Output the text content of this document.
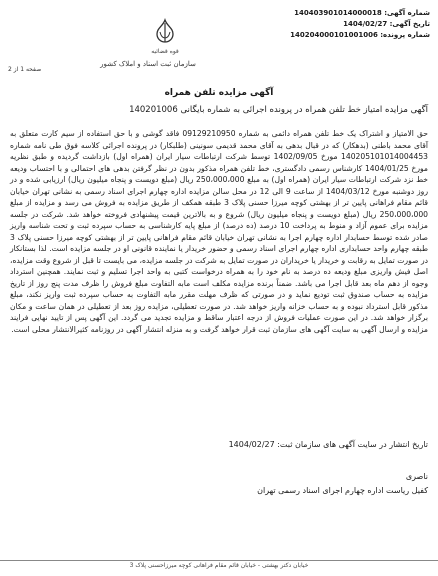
شماره آگهی: 140403901014000018
تاریخ آگهی: 1404/02/27
شماره پرونده: 140204000101001006
قوه قضائیه
سازمان ثبت اسناد و املاک کشور
صفحه 1 از 2
آگهی مزایده تلفن همراه
آگهی مزایده امتیاز خط تلفن همراه در پرونده اجرائی به شماره بایگانی 140201006
حق الامتیاز و اشتراک یک خط تلفن همراه دائمی به شماره 09129210950 فاقد گوشی و با حق استفاده از سیم کارت متعلق به آقای محمد باطنی (بدهکار) که در قبال بدهی به آقای محمد قدیمی سونینی (طلبکار) در پرونده اجرائی کلاسه فوق طی نامه شماره 140205101014004453 مورخ 1402/09/05 توسط شرکت ارتباطات سیار ایران (همراه اول) بازداشت گردیده و طبق نظریه مورخ 1404/01/25 کارشناس رسمی دادگستری، خط تلفن همراه مذکور بدون در نظر گرفتن بدهی های احتمالی و با احتساب ودیعه خط نزد شرکت ارتباطات سیار ایران (همراه اول) به مبلغ 250،000،000 ریال (مبلغ دویست و پنجاه میلیون ریال) ارزیابی شده و در روز دوشنبه مورخ 1404/03/12 از ساعت 9 الی 12 در محل سالن مزایده اداره چهارم اجرای اسناد رسمی به نشانی تهران خیابان قائم مقام فراهانی پایین تر از بهشتی کوچه میرزا حسنی پلاک 3 طبقه همکف از طریق مزایده به فروش می رسد و مزایده از مبلغ 250،000،000 ریال (مبلغ دویست و پنجاه میلیون ریال) شروع و به بالاترین قیمت پیشنهادی فروخته خواهد شد. شرکت در جلسه مزایده برای عموم آزاد و منوط به پرداخت 10 درصد (ده درصد) از مبلغ پایه کارشناسی به حساب سپرده ثبت و تحت شناسه واریز صادر شده توسط حسابدار اداره چهارم اجرا به نشانی تهران خیابان قائم مقام فراهانی پایین تر از بهشتی کوچه میرزا حسنی پلاک 3 طبقه چهارم واحد حسابداری اداره چهارم اجرای اسناد رسمی و حضور خریدار یا نماینده قانونی او در جلسه مزایده است. لذا بستانکار در صورت تمایل به رقابت و خریدار یا خریداران در صورت تمایل به شرکت در جلسه مزایده، می بایست تا قبل از شروع وقت مزایده، اصل فیش واریزی مبلغ ودیعه ده درصد به نام خود را به همراه درخواست کتبی به واحد اجرا تسلیم و ثبت نمایند. همچنین استرداد وجوه از دهم ماه بعد قابل اجرا می باشد. ضمناً برنده مزایده مکلف است مابه التفاوت مبلغ فروش را ظرف مدت پنج روز از تاریخ مزایده به حساب صندوق ثبت تودیع نماید و در صورتی که ظرف مهلت مقرر مابه التفاوت به حساب سپرده ثبت واریز نکند، مبلغ مذکور قابل استرداد نبوده و به حساب خزانه واریز خواهد شد. در صورت تعطیلی، مزایده روز بعد از تعطیلی در همان ساعت و مکان برگزار خواهد شد. در این صورت عملیات فروش از درجه اعتبار ساقط و مزایده تجدید می گردد. این آگهی پس از تایید نهایی فرایند مزایده و ارسال آگهی به سایت آگهی های سازمان ثبت قرار خواهد گرفت و به منزله انتشار آگهی در روزنامه کثیرالانتشار محلی است.
تاریخ انتشار در سایت آگهی های سازمان ثبت: 1404/02/27
ناصری
کفیل ریاست اداره چهارم اجرای اسناد رسمی تهران
خیابان دکتر بهشتی - خیابان قائم مقام فراهانی کوچه میرزاحسنی پلاک 3
